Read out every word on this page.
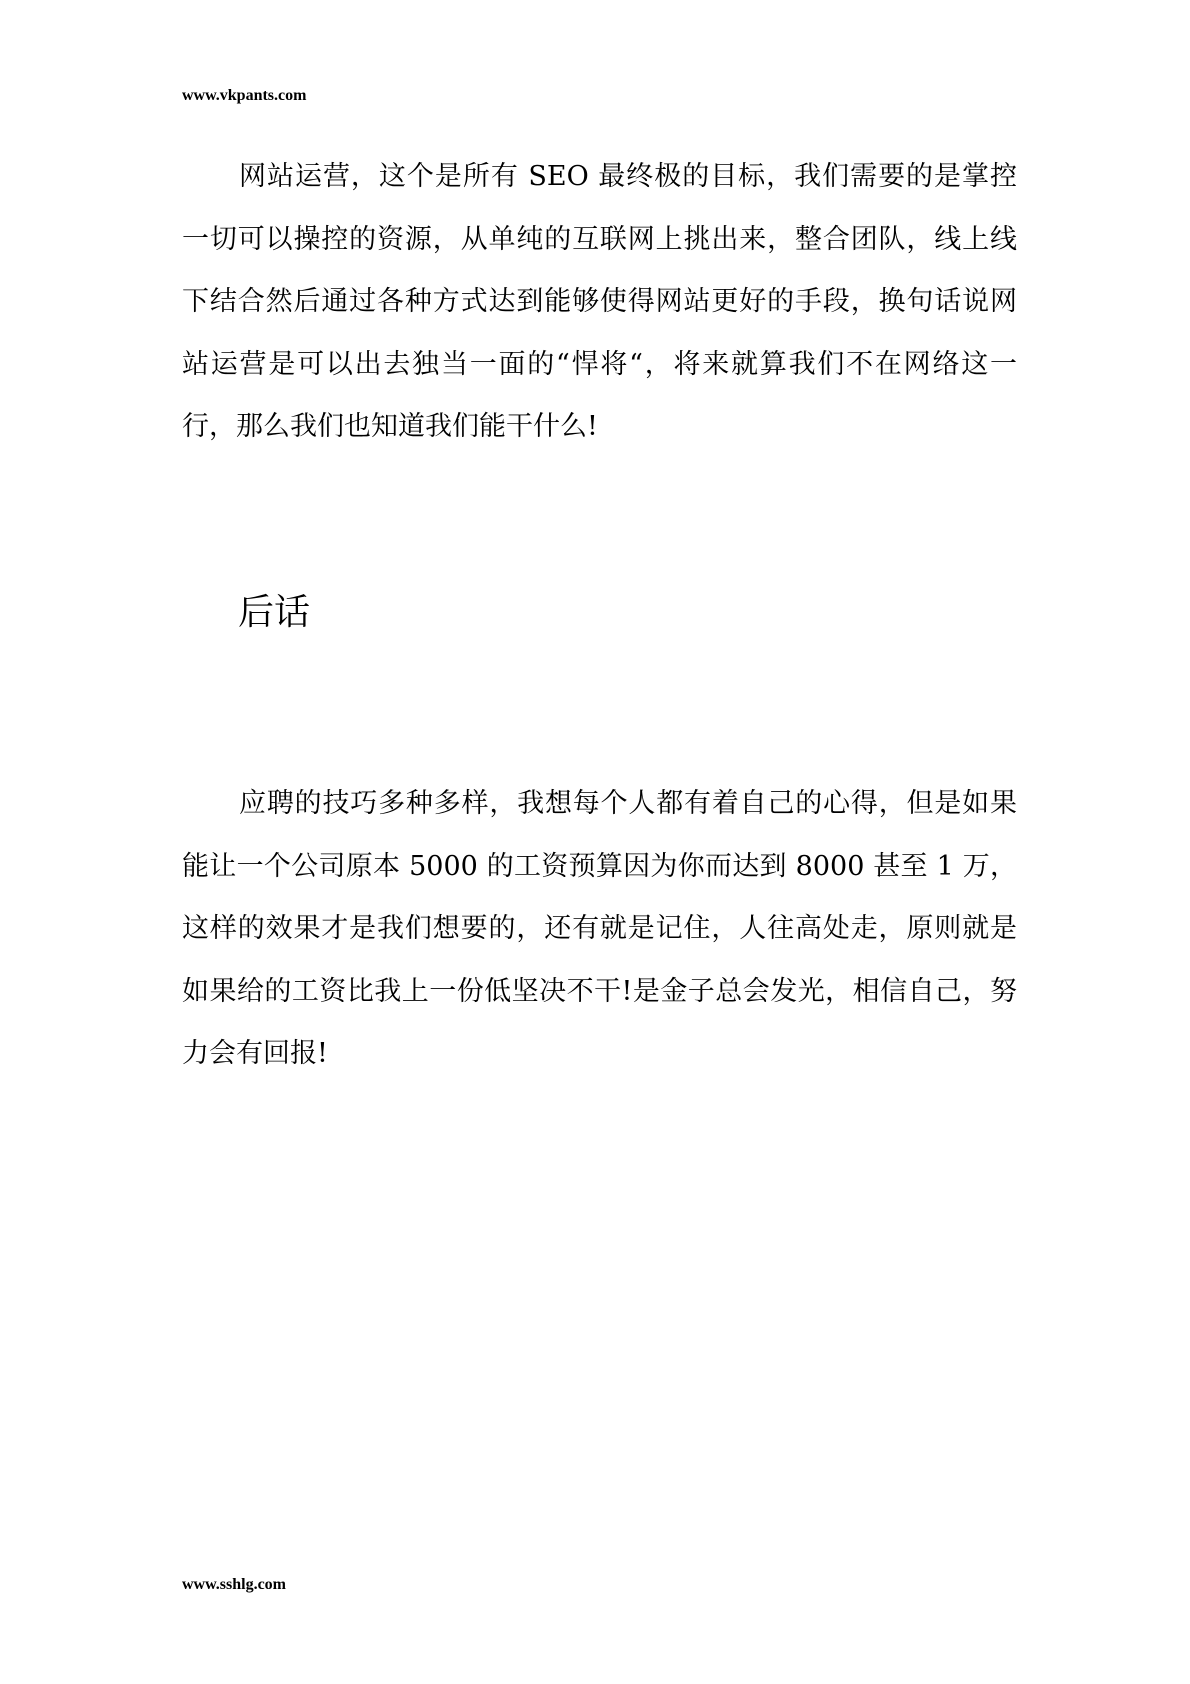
www.vkpants.com

网站运营，这个是所有 SEO 最终极的目标，我们需要的是掌控一切可以操控的资源，从单纯的互联网上挑出来，整合团队，线上线下结合然后通过各种方式达到能够使得网站更好的手段，换句话说网站运营是可以出去独当一面的“悍将“，将来就算我们不在网络这一行，那么我们也知道我们能干什么!

后话

应聘的技巧多种多样，我想每个人都有着自己的心得，但是如果能让一个公司原本 5000 的工资预算因为你而达到 8000 甚至 1 万，这样的效果才是我们想要的，还有就是记住，人往高处走，原则就是如果给的工资比我上一份低坚决不干!是金子总会发光，相信自己，努力会有回报!

www.sshlg.com
